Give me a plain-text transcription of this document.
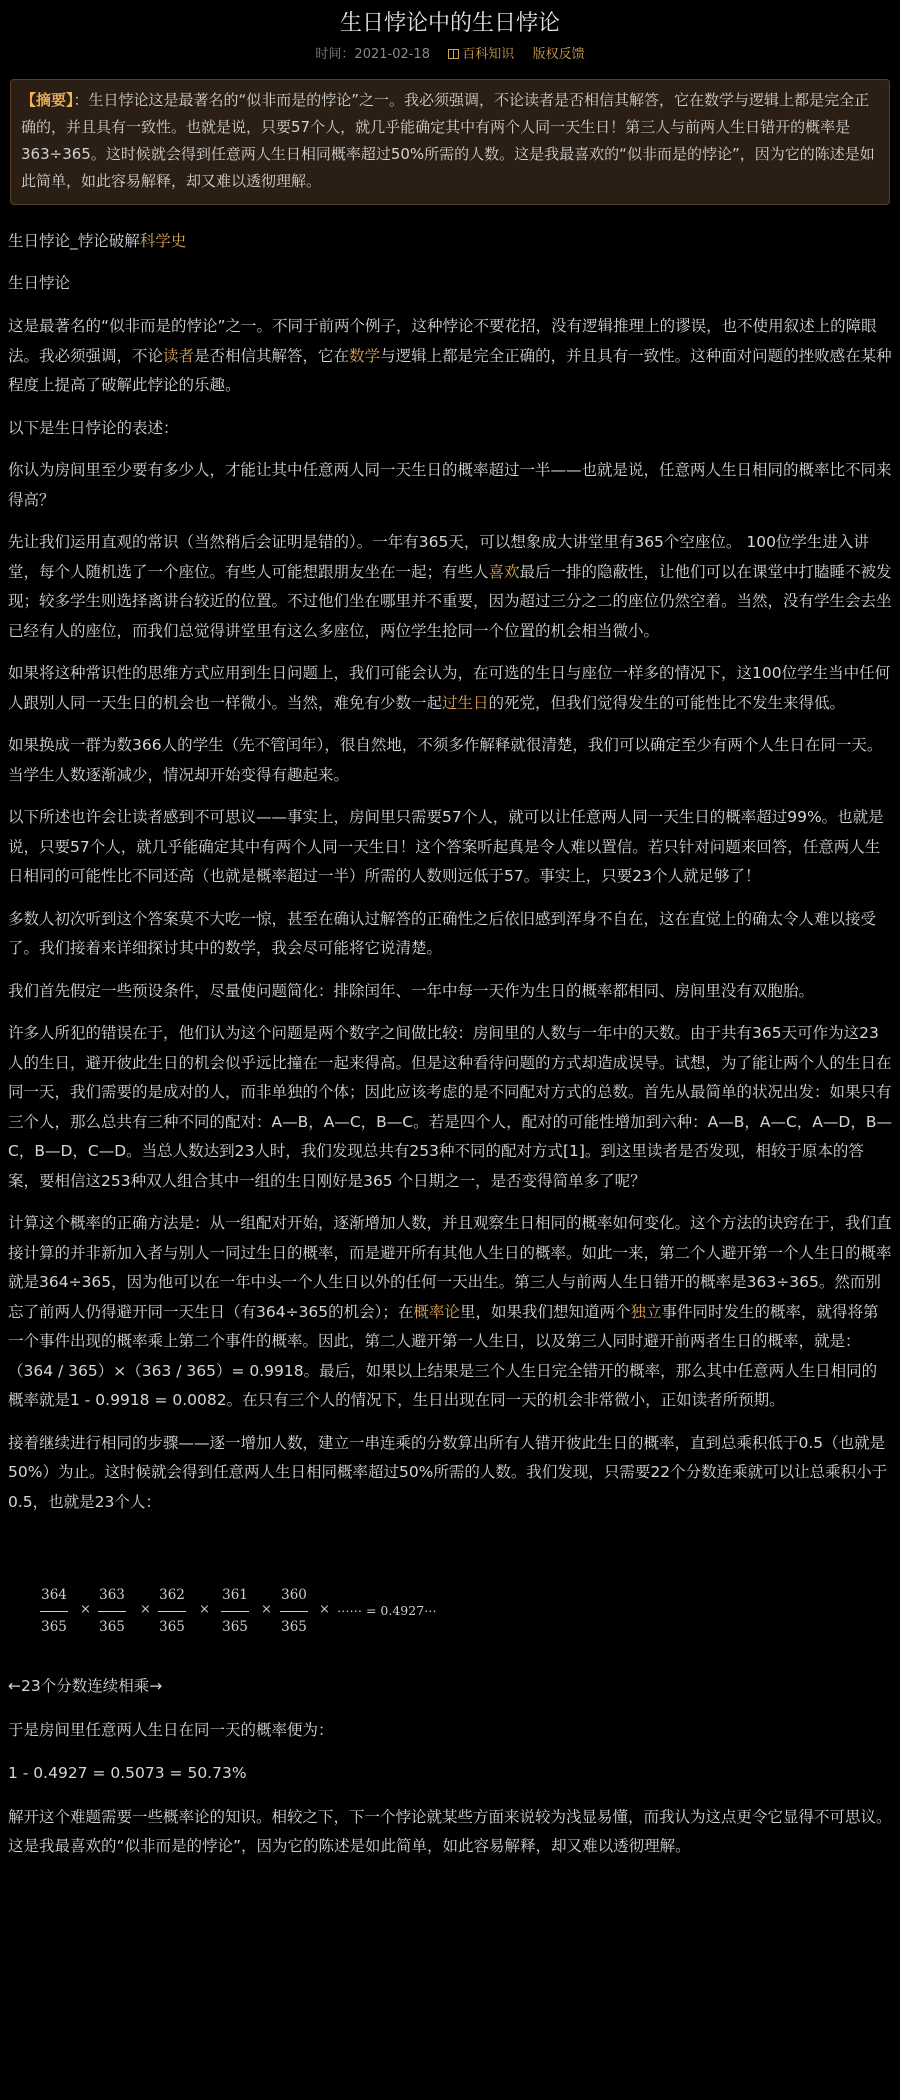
生日悖论中的生日悖论
时间：2021-02-18 百科知识 版权反馈
【摘要】：生日悖论这是最著名的“似非而是的悖论”之一。我必须强调，不论读者是否相信其解答，它在数学与逻辑上都是完全正确的，并且具有一致性。也就是说，只要57个人，就几乎能确定其中有两个人同一天生日！第三人与前两人生日错开的概率是363÷365。这时候就会得到任意两人生日相同概率超过50%所需的人数。这是我最喜欢的“似非而是的悖论”，因为它的陈述是如此简单，如此容易解释，却又难以透彻理解。

生日悖论_悖论破解科学史

生日悖论

这是最著名的“似非而是的悖论”之一。不同于前两个例子，这种悖论不要花招，没有逻辑推理上的谬误，也不使用叙述上的障眼法。我必须强调，不论读者是否相信其解答，它在数学与逻辑上都是完全正确的，并且具有一致性。这种面对问题的挫败感在某种程度上提高了破解此悖论的乐趣。

以下是生日悖论的表述：

你认为房间里至少要有多少人，才能让其中任意两人同一天生日的概率超过一半——也就是说，任意两人生日相同的概率比不同来得高？

先让我们运用直观的常识（当然稍后会证明是错的）。一年有365天，可以想象成大讲堂里有365个空座位。 100位学生进入讲堂，每个人随机选了一个座位。有些人可能想跟朋友坐在一起；有些人喜欢最后一排的隐蔽性，让他们可以在课堂中打瞌睡不被发现；较多学生则选择离讲台较近的位置。不过他们坐在哪里并不重要，因为超过三分之二的座位仍然空着。当然，没有学生会去坐已经有人的座位，而我们总觉得讲堂里有这么多座位，两位学生抢同一个位置的机会相当微小。

如果将这种常识性的思维方式应用到生日问题上，我们可能会认为，在可选的生日与座位一样多的情况下，这100位学生当中任何人跟别人同一天生日的机会也一样微小。当然，难免有少数一起过生日的死党，但我们觉得发生的可能性比不发生来得低。

如果换成一群为数366人的学生（先不管闰年），很自然地，不须多作解释就很清楚，我们可以确定至少有两个人生日在同一天。当学生人数逐渐减少，情况却开始变得有趣起来。

以下所述也许会让读者感到不可思议——事实上，房间里只需要57个人，就可以让任意两人同一天生日的概率超过99%。也就是说，只要57个人，就几乎能确定其中有两个人同一天生日！这个答案听起真是令人难以置信。若只针对问题来回答，任意两人生日相同的可能性比不同还高（也就是概率超过一半）所需的人数则远低于57。事实上，只要23个人就足够了！

多数人初次听到这个答案莫不大吃一惊，甚至在确认过解答的正确性之后依旧感到浑身不自在，这在直觉上的确太令人难以接受了。我们接着来详细探讨其中的数学，我会尽可能将它说清楚。

我们首先假定一些预设条件，尽量使问题简化：排除闰年、一年中每一天作为生日的概率都相同、房间里没有双胞胎。

许多人所犯的错误在于，他们认为这个问题是两个数字之间做比较：房间里的人数与一年中的天数。由于共有365天可作为这23人的生日，避开彼此生日的机会似乎远比撞在一起来得高。但是这种看待问题的方式却造成误导。试想，为了能让两个人的生日在同一天，我们需要的是成对的人，而非单独的个体；因此应该考虑的是不同配对方式的总数。首先从最简单的状况出发：如果只有三个人，那么总共有三种不同的配对：A—B，A—C，B—C。若是四个人，配对的可能性增加到六种：A—B，A—C，A—D，B—C，B—D，C—D。当总人数达到23人时，我们发现总共有253种不同的配对方式[1]。到这里读者是否发现，相较于原本的答案，要相信这253种双人组合其中一组的生日刚好是365 个日期之一，是否变得简单多了呢？

计算这个概率的正确方法是：从一组配对开始，逐渐增加人数，并且观察生日相同的概率如何变化。这个方法的诀窍在于，我们直接计算的并非新加入者与别人一同过生日的概率，而是避开所有其他人生日的概率。如此一来，第二个人避开第一个人生日的概率就是364÷365，因为他可以在一年中头一个人生日以外的任何一天出生。第三人与前两人生日错开的概率是363÷365。然而别忘了前两人仍得避开同一天生日（有364÷365的机会）；在概率论里，如果我们想知道两个独立事件同时发生的概率，就得将第一个事件出现的概率乘上第二个事件的概率。因此，第二人避开第一人生日，以及第三人同时避开前两者生日的概率，就是：（364 / 365）×（363 / 365）= 0.9918。最后，如果以上结果是三个人生日完全错开的概率，那么其中任意两人生日相同的概率就是1 - 0.9918 = 0.0082。在只有三个人的情况下，生日出现在同一天的机会非常微小，正如读者所预期。

接着继续进行相同的步骤——逐一增加人数，建立一串连乘的分数算出所有人错开彼此生日的概率，直到总乘积低于0.5（也就是50%）为止。这时候就会得到任意两人生日相同概率超过50%所需的人数。我们发现，只需要22个分数连乘就可以让总乘积小于0.5，也就是23个人：

364
365
×
363
365
×
362
365
×
361
365
×
360
365
× ⋯⋯ = 0.4927⋯

←23个分数连续相乘→

于是房间里任意两人生日在同一天的概率便为：

1 - 0.4927 = 0.5073 = 50.73%

解开这个难题需要一些概率论的知识。相较之下，下一个悖论就某些方面来说较为浅显易懂，而我认为这点更令它显得不可思议。这是我最喜欢的“似非而是的悖论”，因为它的陈述是如此简单，如此容易解释，却又难以透彻理解。
